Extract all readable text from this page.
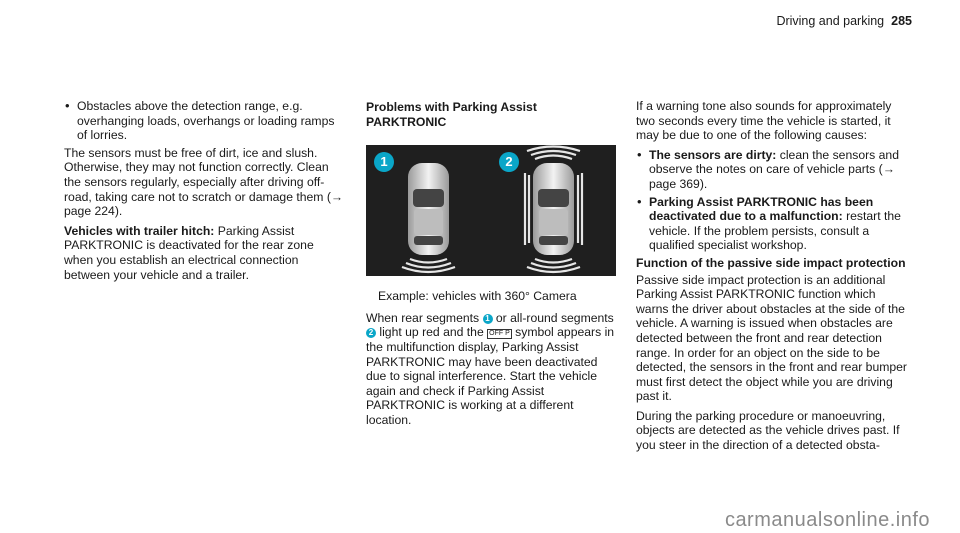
Driving and parking 285

• Obstacles above the detection range, e.g. overhanging loads, overhangs or loading ramps of lorries.

The sensors must be free of dirt, ice and slush. Otherwise, they may not function correctly. Clean the sensors regularly, especially after driving off-road, taking care not to scratch or damage them (→ page 224).

Vehicles with trailer hitch: Parking Assist PARKTRONIC is deactivated for the rear zone when you establish an electrical connection between your vehicle and a trailer.

Problems with Parking Assist PARKTRONIC
1	2
Example: vehicles with 360° Camera

When rear segments 1 or all-round segments 2 light up red and the OFF P symbol appears in the multifunction display, Parking Assist PARKTRONIC may have been deactivated due to signal interference. Start the vehicle again and check if Parking Assist PARKTRONIC is working at a different location.

If a warning tone also sounds for approximately two seconds every time the vehicle is started, it may be due to one of the following causes:

• The sensors are dirty: clean the sensors and observe the notes on care of vehicle parts (→ page 369).

• Parking Assist PARKTRONIC has been deactivated due to a malfunction: restart the vehicle. If the problem persists, consult a qualified specialist workshop.

Function of the passive side impact protection

Passive side impact protection is an additional Parking Assist PARKTRONIC function which warns the driver about obstacles at the side of the vehicle. A warning is issued when obstacles are detected between the front and rear detection range. In order for an object on the side to be detected, the sensors in the front and rear bumper must first detect the object while you are driving past it.

During the parking procedure or manoeuvring, objects are detected as the vehicle drives past. If you steer in the direction of a detected obsta-

carmanualsonline.info
